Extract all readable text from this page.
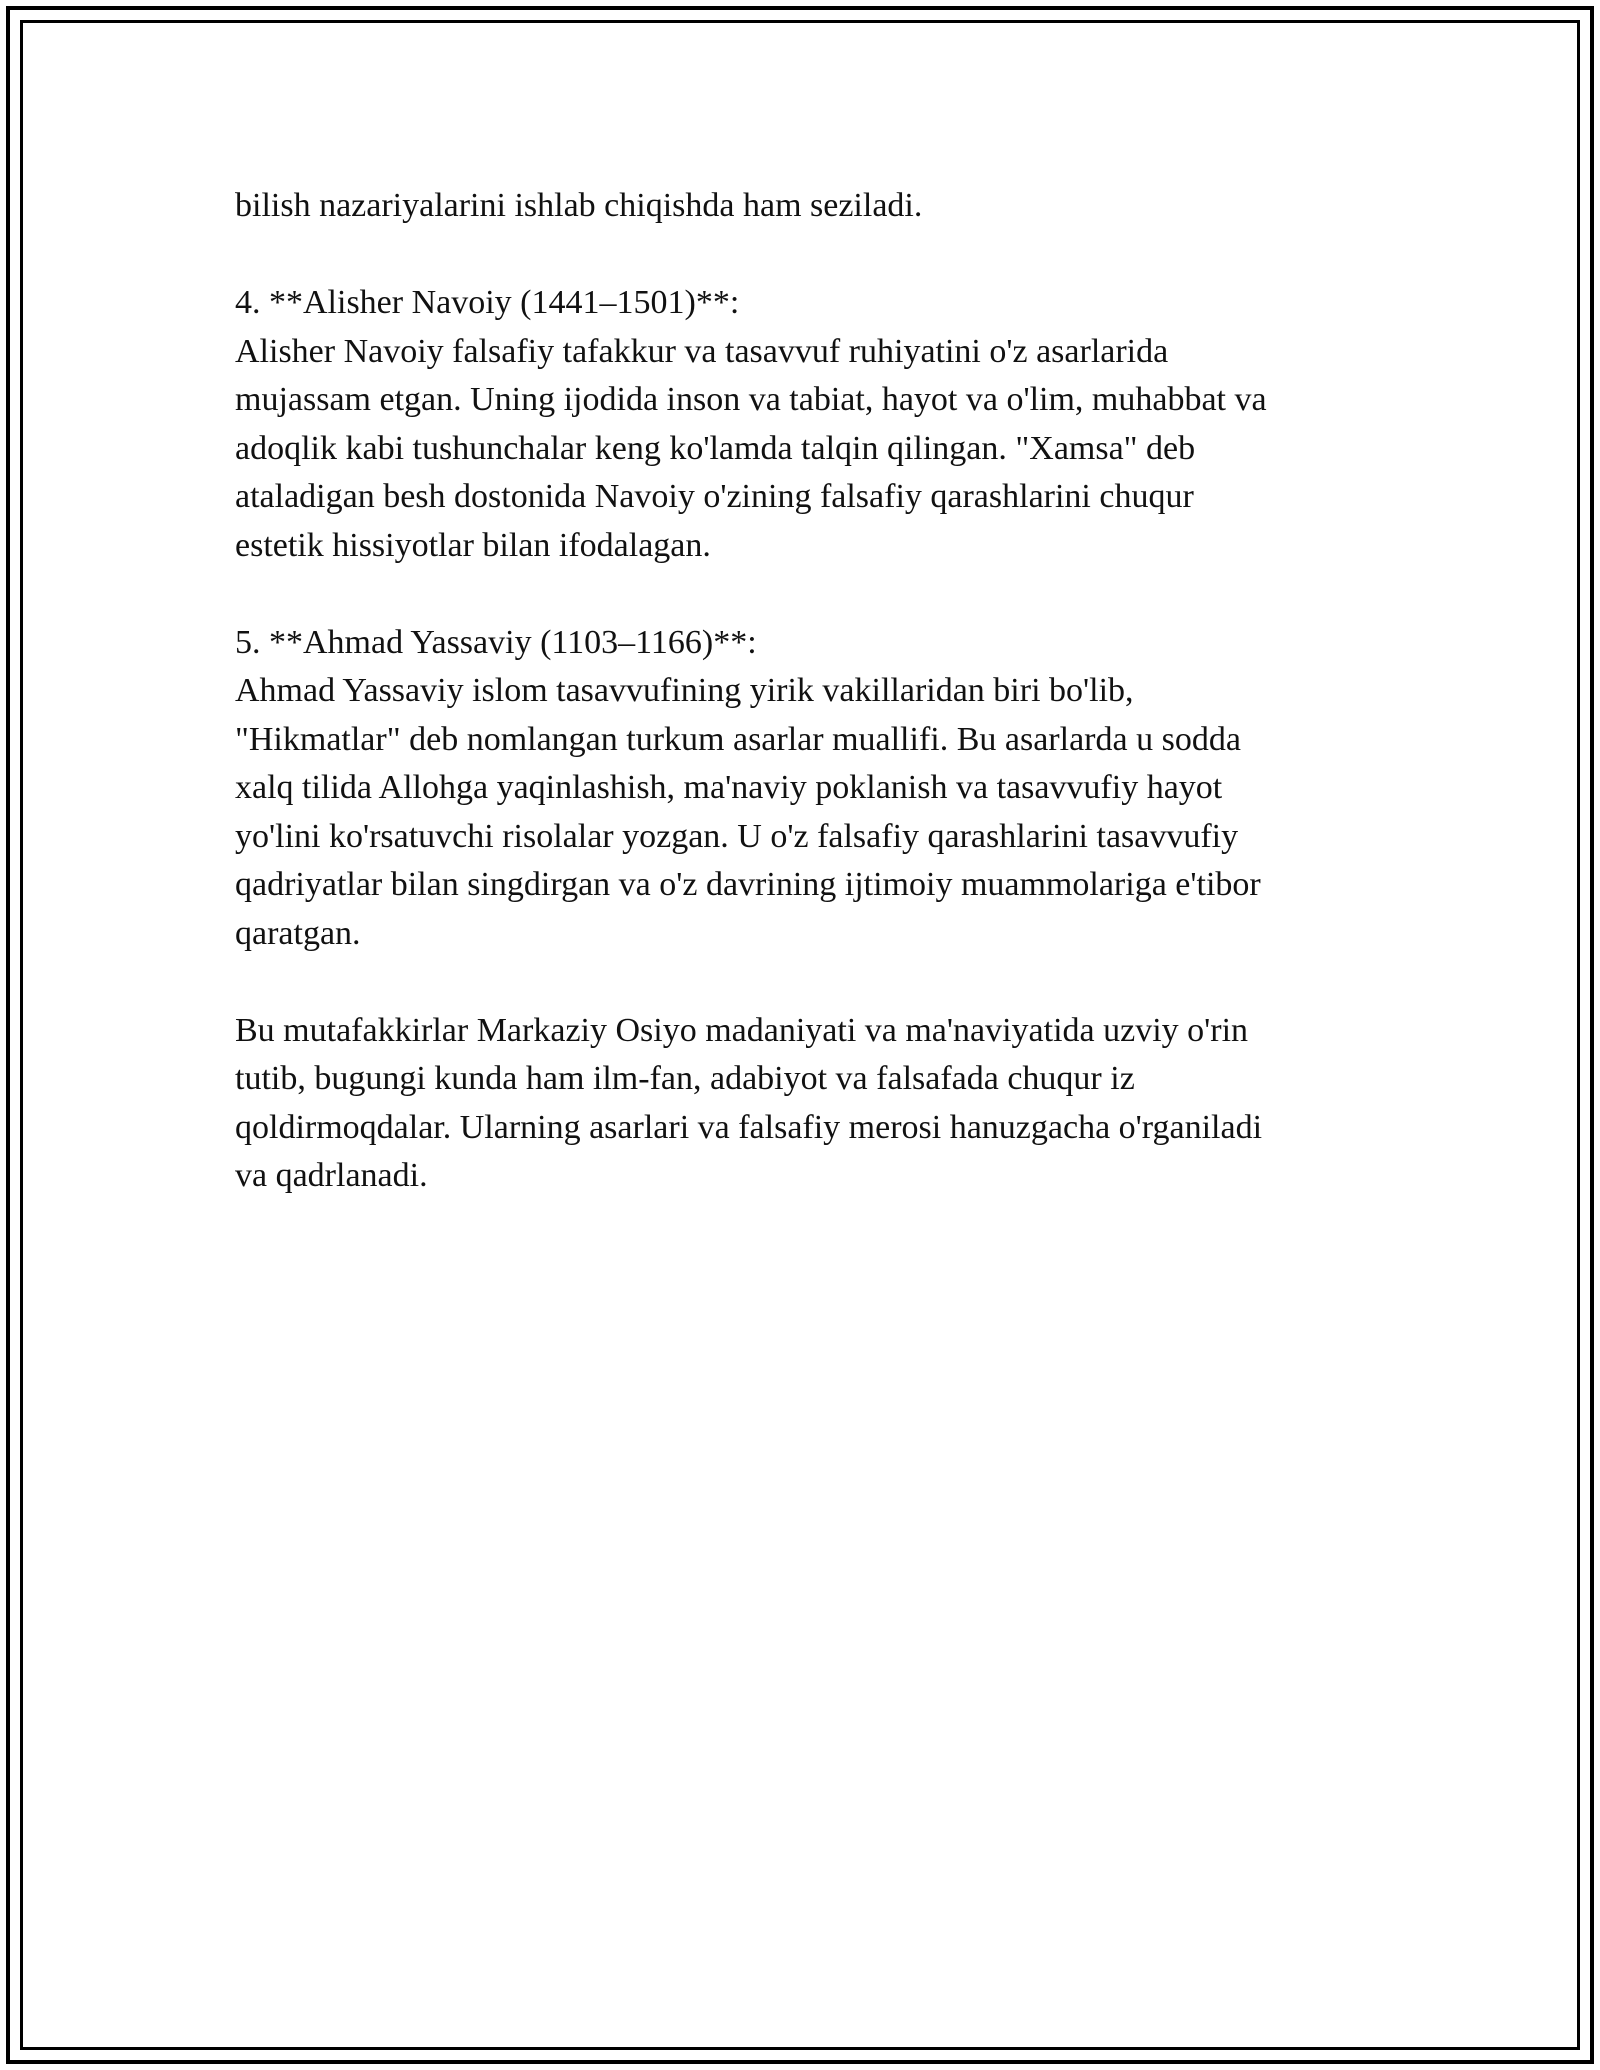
bilish nazariyalarini ishlab chiqishda ham seziladi.
4. **Alisher Navoiy (1441–1501)**:
Alisher Navoiy falsafiy tafakkur va tasavvuf ruhiyatini o'z asarlarida
mujassam etgan. Uning ijodida inson va tabiat, hayot va o'lim, muhabbat va
adoqlik kabi tushunchalar keng ko'lamda talqin qilingan. "Xamsa" deb
ataladigan besh dostonida Navoiy o'zining falsafiy qarashlarini chuqur
estetik hissiyotlar bilan ifodalagan.
5. **Ahmad Yassaviy (1103–1166)**:
Ahmad Yassaviy islom tasavvufining yirik vakillaridan biri bo'lib,
"Hikmatlar" deb nomlangan turkum asarlar muallifi. Bu asarlarda u sodda
xalq tilida Allohga yaqinlashish, ma'naviy poklanish va tasavvufiy hayot
yo'lini ko'rsatuvchi risolalar yozgan. U o'z falsafiy qarashlarini tasavvufiy
qadriyatlar bilan singdirgan va o'z davrining ijtimoiy muammolariga e'tibor
qaratgan.
Bu mutafakkirlar Markaziy Osiyo madaniyati va ma'naviyatida uzviy o'rin
tutib, bugungi kunda ham ilm-fan, adabiyot va falsafada chuqur iz
qoldirmoqdalar. Ularning asarlari va falsafiy merosi hanuzgacha o'rganiladi
va qadrlanadi.
